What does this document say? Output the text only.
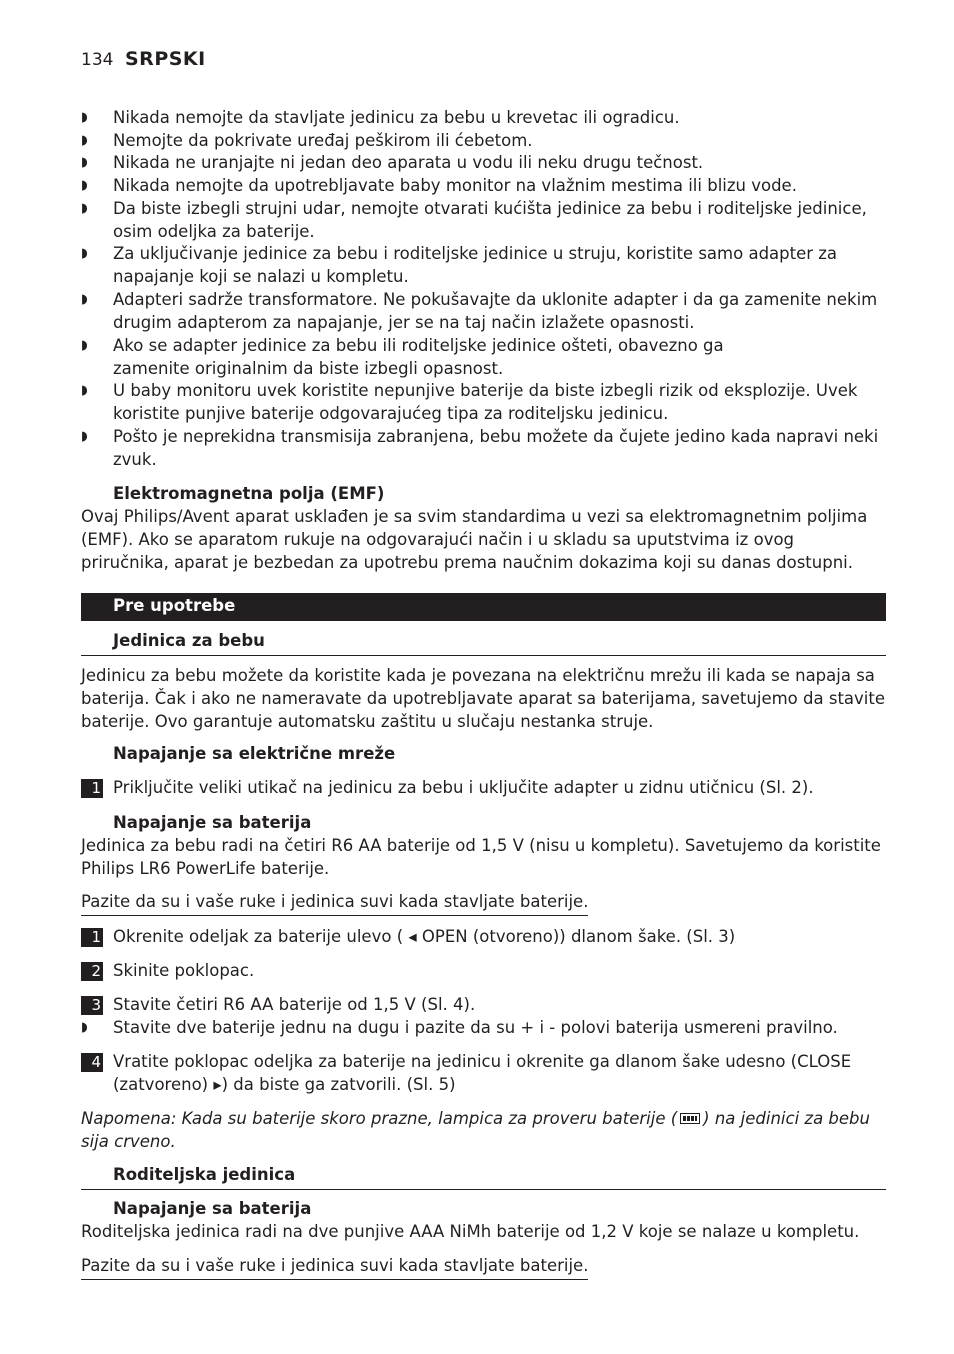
134 SRPSKI
◗	Nikada nemojte da stavljate jedinicu za bebu u krevetac ili ogradicu.
◗	Nemojte da pokrivate uređaj peškirom ili ćebetom.
◗	Nikada ne uranjajte ni jedan deo aparata u vodu ili neku drugu tečnost.
◗	Nikada nemojte da upotrebljavate baby monitor na vlažnim mestima ili blizu vode.
◗	Da biste izbegli strujni udar, nemojte otvarati kućišta jedinice za bebu i roditeljske jedinice, osim odeljka za baterije.
◗	Za uključivanje jedinice za bebu i roditeljske jedinice u struju, koristite samo adapter za napajanje koji se nalazi u kompletu.
◗	Adapteri sadrže transformatore. Ne pokušavajte da uklonite adapter i da ga zamenite nekim drugim adapterom za napajanje, jer se na taj način izlažete opasnosti.
◗	Ako se adapter jedinice za bebu ili roditeljske jedinice ošteti, obavezno ga zamenite originalnim da biste izbegli opasnost.
◗	U baby monitoru uvek koristite nepunjive baterije da biste izbegli rizik od eksplozije. Uvek koristite punjive baterije odgovarajućeg tipa za roditeljsku jedinicu.
◗	Pošto je neprekidna transmisija zabranjena, bebu možete da čujete jedino kada napravi neki zvuk.
Elektromagnetna polja (EMF)
Ovaj Philips/Avent aparat usklađen je sa svim standardima u vezi sa elektromagnetnim poljima (EMF). Ako se aparatom rukuje na odgovarajući način i u skladu sa uputstvima iz ovog priručnika, aparat je bezbedan za upotrebu prema naučnim dokazima koji su danas dostupni.
Pre upotrebe
Jedinica za bebu
Jedinicu za bebu možete da koristite kada je povezana na električnu mrežu ili kada se napaja sa baterija. Čak i ako ne nameravate da upotrebljavate aparat sa baterijama, savetujemo da stavite baterije. Ovo garantuje automatsku zaštitu u slučaju nestanka struje.
Napajanje sa električne mreže
1 Priključite veliki utikač na jedinicu za bebu i uključite adapter u zidnu utičnicu (Sl. 2).
Napajanje sa baterija
Jedinica za bebu radi na četiri R6 AA baterije od 1,5 V (nisu u kompletu). Savetujemo da koristite Philips LR6 PowerLife baterije.
Pazite da su i vaše ruke i jedinica suvi kada stavljate baterije.
1 Okrenite odeljak za baterije ulevo ( ◂ OPEN (otvoreno)) dlanom šake. (Sl. 3)
2 Skinite poklopac.
3 Stavite četiri R6 AA baterije od 1,5 V (Sl. 4).
◗	Stavite dve baterije jednu na dugu i pazite da su + i - polovi baterija usmereni pravilno.
4 Vratite poklopac odeljka za baterije na jedinicu i okrenite ga dlanom šake udesno (CLOSE (zatvoreno) ▸) da biste ga zatvorili. (Sl. 5)
Napomena: Kada su baterije skoro prazne, lampica za proveru baterije ( ) na jedinici za bebu sija crveno.
Roditeljska jedinica
Napajanje sa baterija
Roditeljska jedinica radi na dve punjive AAA NiMh baterije od 1,2 V koje se nalaze u kompletu.
Pazite da su i vaše ruke i jedinica suvi kada stavljate baterije.
